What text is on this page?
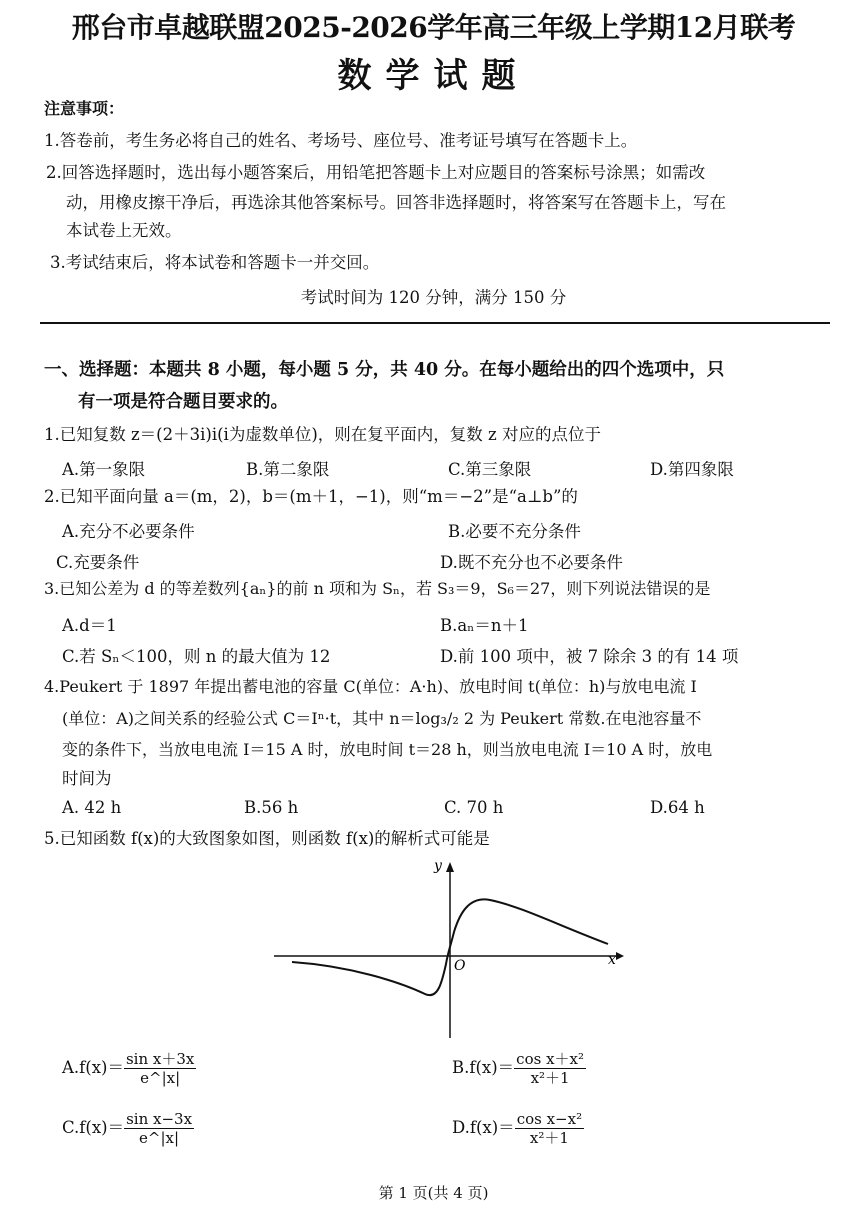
邢台市卓越联盟2025-2026学年高三年级上学期12月联考
数学试题
注意事项：
1.答卷前，考生务必将自己的姓名、考场号、座位号、准考证号填写在答题卡上。
2.回答选择题时，选出每小题答案后，用铅笔把答题卡上对应题目的答案标号涂黑；如需改
动，用橡皮擦干净后，再选涂其他答案标号。回答非选择题时，将答案写在答题卡上，写在
本试卷上无效。
3.考试结束后，将本试卷和答题卡一并交回。
考试时间为 120 分钟，满分 150 分
一、选择题：本题共 8 小题，每小题 5 分，共 40 分。在每小题给出的四个选项中，只
有一项是符合题目要求的。
1.已知复数 z＝(2＋3i)i(i为虚数单位)，则在复平面内，复数 z 对应的点位于
A.第一象限	B.第二象限	C.第三象限	D.第四象限
2.已知平面向量 a＝(m，2)，b＝(m＋1，−1)，则“m＝−2”是“a⊥b”的
A.充分不必要条件	B.必要不充分条件
C.充要条件	D.既不充分也不必要条件
3.已知公差为 d 的等差数列{aₙ}的前 n 项和为 Sₙ，若 S₃＝9，S₆＝27，则下列说法错误的是
A.d＝1	B.aₙ＝n＋1
C.若 Sₙ＜100，则 n 的最大值为 12	D.前 100 项中，被 7 除余 3 的有 14 项
4.Peukert 于 1897 年提出蓄电池的容量 C(单位：A·h)、放电时间 t(单位：h)与放电电流 I
(单位：A)之间关系的经验公式 C＝Iⁿ·t，其中 n＝log₃/₂ 2 为 Peukert 常数.在电池容量不
变的条件下，当放电电流 I＝15 A 时，放电时间 t＝28 h，则当放电电流 I＝10 A 时，放电
时间为
A. 42 h	B.56 h	C. 70 h	D.64 h
5.已知函数 f(x)的大致图象如图，则函数 f(x)的解析式可能是
x
y
O
$A.f(x)= \frac{\text{sin x＋3x}}{e\^{}|x|}$	$B.f(x)= \frac{\text{cos x＋x²}}{\text{x²＋1}}$
$C.f(x)= \frac{\text{sin x−3x}}{e\^{}|x|}$	$D.f(x)= \frac{\text{cos x−x²}}{\text{x²＋1}}$
第 1 页(共 4 页)
